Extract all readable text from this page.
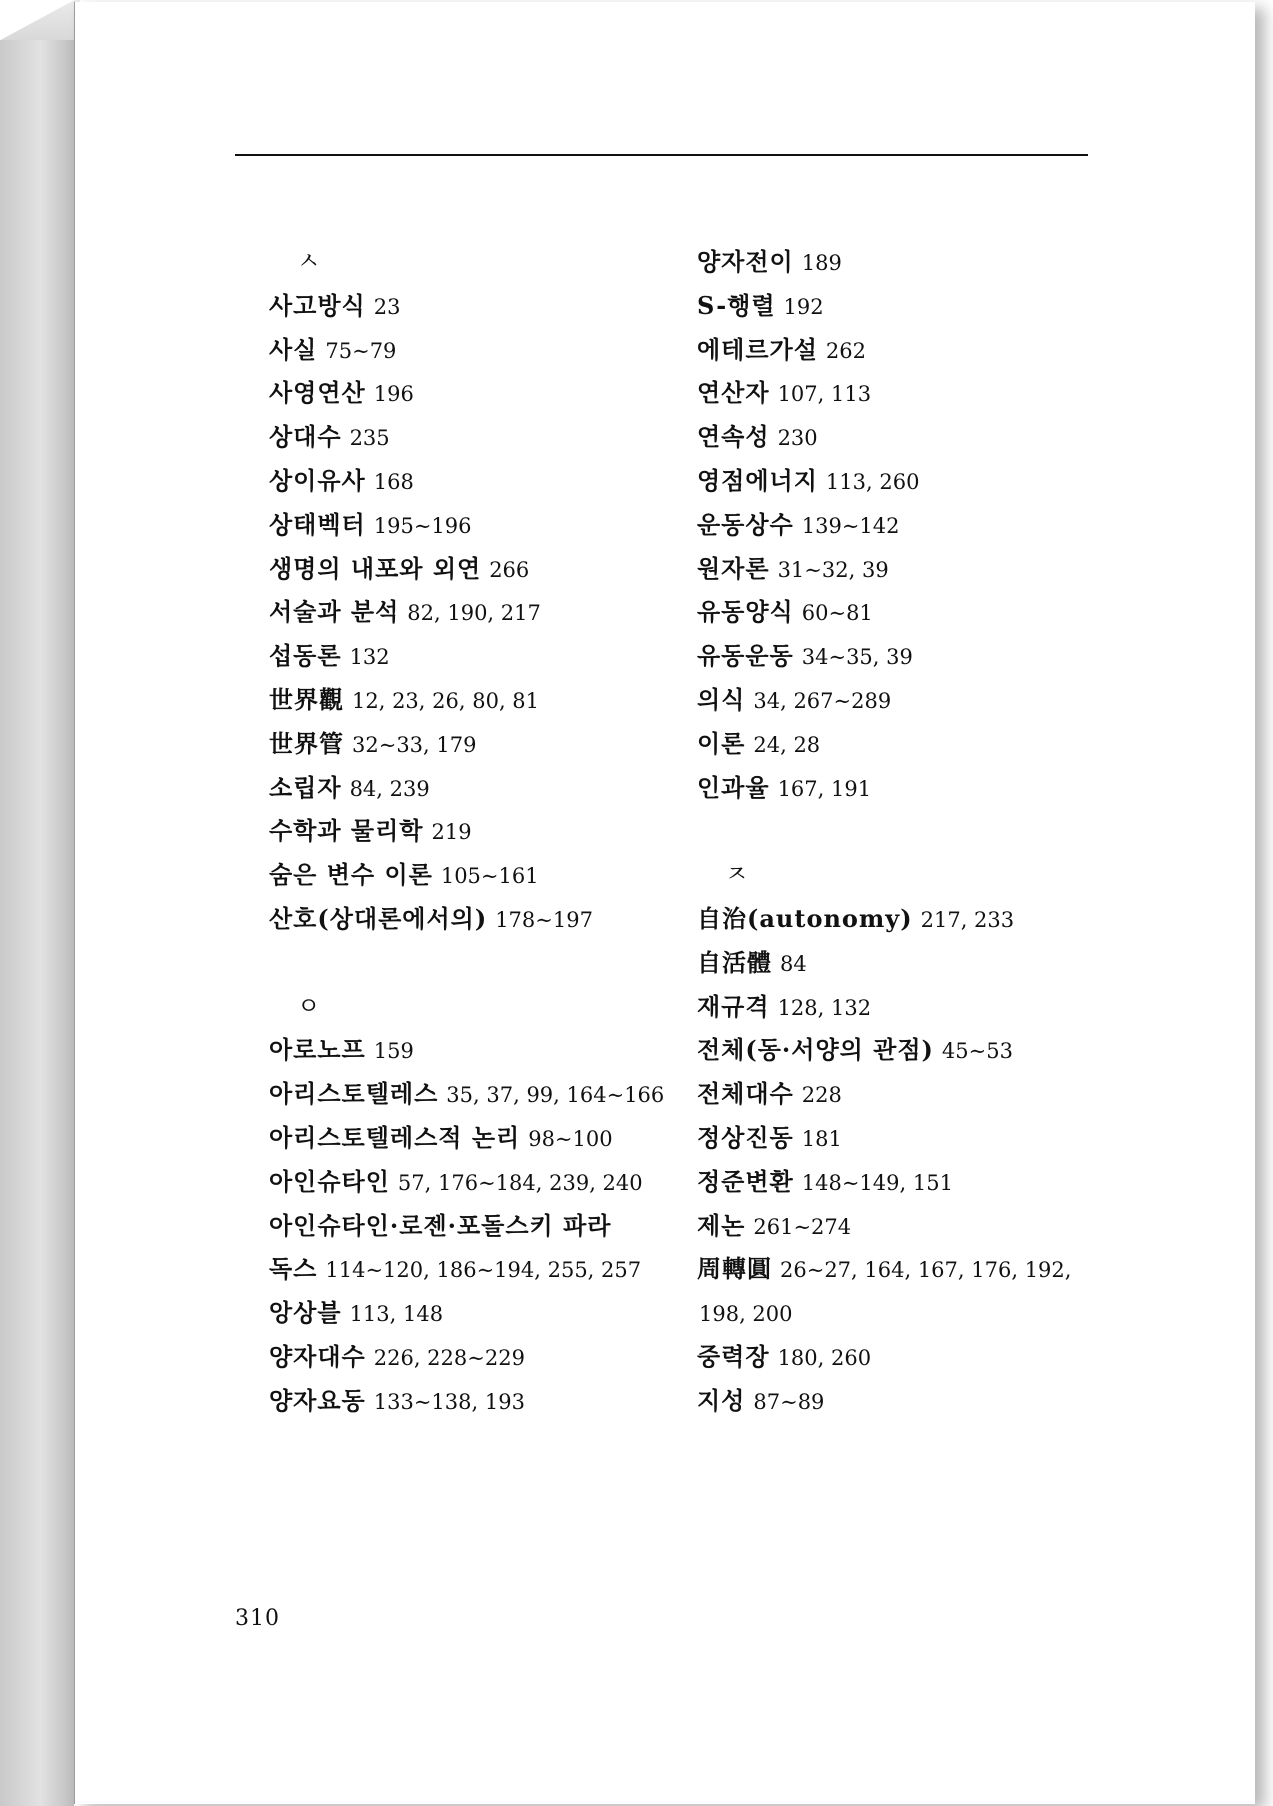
ㅅ
사고방식 23
사실 75∼79
사영연산 196
상대수 235
상이유사 168
상태벡터 195∼196
생명의 내포와 외연 266
서술과 분석 82, 190, 217
섭동론 132
世界觀 12, 23, 26, 80, 81
世界管 32∼33, 179
소립자 84, 239
수학과 물리학 219
숨은 변수 이론 105∼161
산호(상대론에서의) 178∼197
ㅇ
아로노프 159
아리스토텔레스 35, 37, 99, 164∼166
아리스토텔레스적 논리 98∼100
아인슈타인 57, 176∼184, 239, 240
아인슈타인·로젠·포돌스키 파라
독스 114∼120, 186∼194, 255, 257
앙상블 113, 148
양자대수 226, 228∼229
양자요동 133∼138, 193
양자전이 189
S-행렬 192
에테르가설 262
연산자 107, 113
연속성 230
영점에너지 113, 260
운동상수 139∼142
원자론 31∼32, 39
유동양식 60∼81
유동운동 34∼35, 39
의식 34, 267∼289
이론 24, 28
인과율 167, 191
ㅈ
自治(autonomy) 217, 233
自活體 84
재규격 128, 132
전체(동·서양의 관점) 45∼53
전체대수 228
정상진동 181
정준변환 148∼149, 151
제논 261∼274
周轉圓 26∼27, 164, 167, 176, 192,
198, 200
중력장 180, 260
지성 87∼89
310
